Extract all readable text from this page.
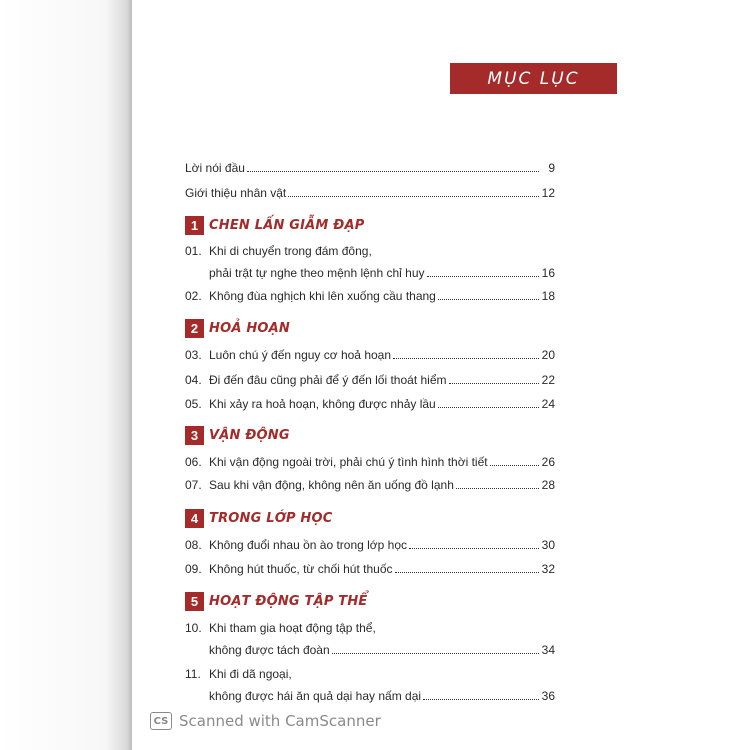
MỤC LỤC
Lời nói đầu	9
Giới thiệu nhân vật	12
1 CHEN LẤN GIẪM ĐẠP
01. Khi di chuyển trong đám đông,
phải trật tự nghe theo mệnh lệnh chỉ huy	16
02. Không đùa nghịch khi lên xuống cầu thang	18
2 HOẢ HOẠN
03. Luôn chú ý đến nguy cơ hoả hoạn	20
04. Đi đến đâu cũng phải để ý đến lối thoát hiểm	22
05. Khi xảy ra hoả hoạn, không được nhảy lầu	24
3 VẬN ĐỘNG
06. Khi vận động ngoài trời, phải chú ý tình hình thời tiết	26
07. Sau khi vận động, không nên ăn uống đồ lạnh	28
4 TRONG LỚP HỌC
08. Không đuổi nhau ồn ào trong lớp học	30
09. Không hút thuốc, từ chối hút thuốc	32
5 HOẠT ĐỘNG TẬP THỂ
10. Khi tham gia hoạt động tập thể,
không được tách đoàn	34
11. Khi đi dã ngoại,
không được hái ăn quả dại hay nấm dại	36
CS Scanned with CamScanner
